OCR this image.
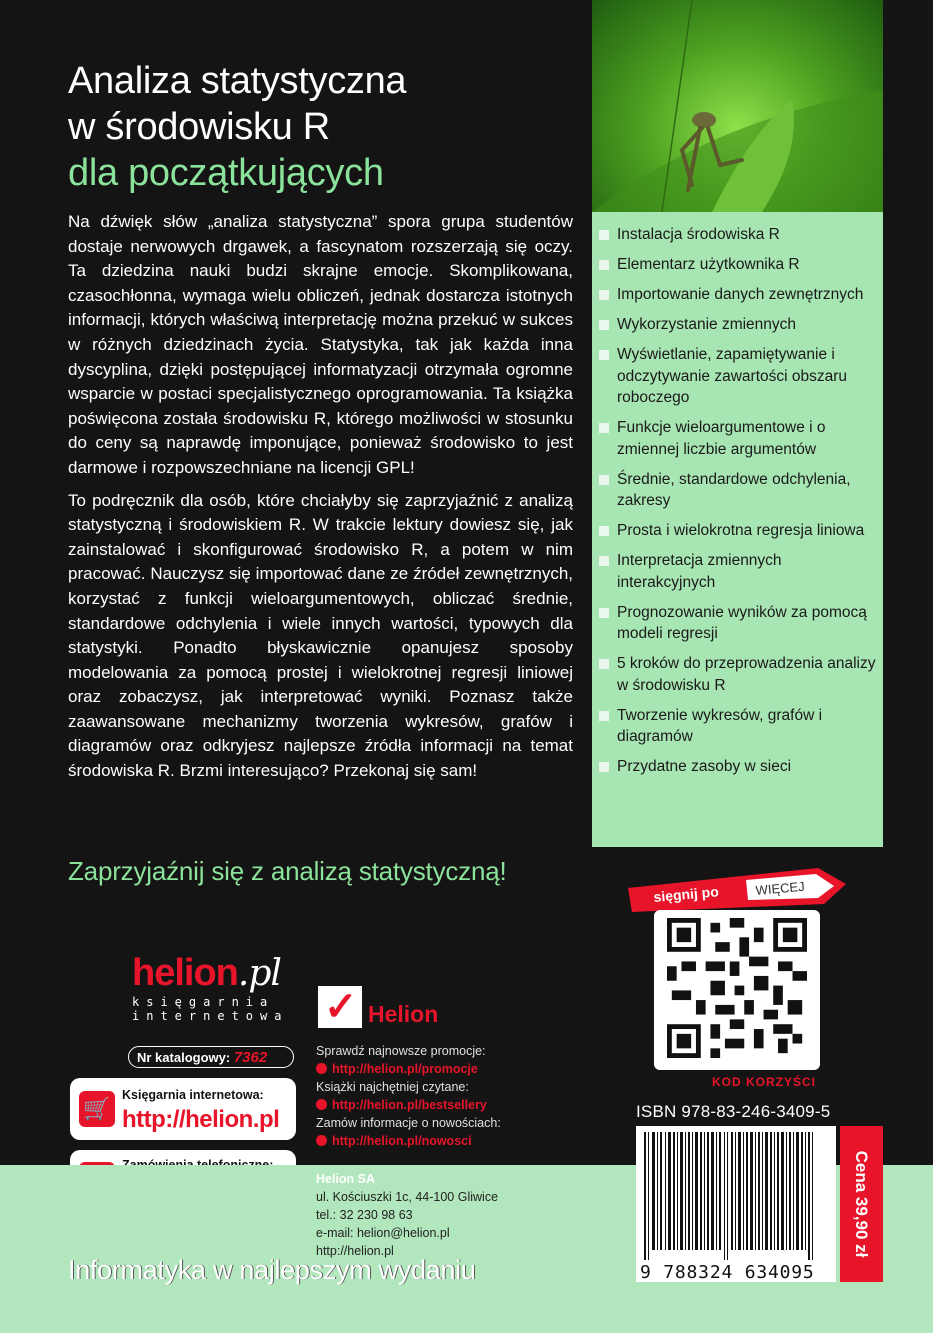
Analiza statystyczna
w środowisku R
dla początkujących

Na dźwięk słów „analiza statystyczna” spora grupa studentów dostaje nerwowych drgawek, a fascynatom rozszerzają się oczy. Ta dziedzina nauki budzi skrajne emocje. Skomplikowana, czasochłonna, wymaga wielu obliczeń, jednak dostarcza istotnych informacji, których właściwą interpretację można przekuć w sukces w różnych dziedzinach życia. Statystyka, tak jak każda inna dyscyplina, dzięki postępującej informatyzacji otrzymała ogromne wsparcie w postaci specjalistycznego oprogramowania. Ta książka poświęcona została środowisku R, którego możliwości w stosunku do ceny są naprawdę imponujące, ponieważ środowisko to jest darmowe i rozpowszechniane na licencji GPL!

To podręcznik dla osób, które chciałyby się zaprzyjaźnić z analizą statystyczną i środowiskiem R. W trakcie lektury dowiesz się, jak zainstalować i skonfigurować środowisko R, a potem w nim pracować. Nauczysz się importować dane ze źródeł zewnętrznych, korzystać z funkcji wieloargumentowych, obliczać średnie, standardowe odchylenia i wiele innych wartości, typowych dla statystyki. Ponadto błyskawicznie opanujesz sposoby modelowania za pomocą prostej i wielokrotnej regresji liniowej oraz zobaczysz, jak interpretować wyniki. Poznasz także zaawansowane mechanizmy tworzenia wykresów, grafów i diagramów oraz odkryjesz najlepsze źródła informacji na temat środowiska R. Brzmi interesująco? Przekonaj się sam!

Zaprzyjaźnij się z analizą statystyczną!
Instalacja środowiska R
Elementarz użytkownika R
Importowanie danych zewnętrznych
Wykorzystanie zmiennych
Wyświetlanie, zapamiętywanie i odczytywanie zawartości obszaru roboczego
Funkcje wieloargumentowe i o zmiennej liczbie argumentów
Średnie, standardowe odchylenia, zakresy
Prosta i wielokrotna regresja liniowa
Interpretacja zmiennych interakcyjnych
Prognozowanie wyników za pomocą modeli regresji
5 kroków do przeprowadzenia analizy w środowisku R
Tworzenie wykresów, grafów i diagramów
Przydatne zasoby w sieci
sięgnij po	WIĘCEJ
KOD KORZYŚCI
helion.pl
księgarnia
internetowa
Nr katalogowy: 7362
🛒
Księgarnia internetowa:
http://helion.pl
✓ Helion
Sprawdź najnowsze promocje:
http://helion.pl/promocje
Książki najchętniej czytane:
http://helion.pl/bestsellery
Zamów informacje o nowościach:
http://helion.pl/nowosci
Helion SA
ul. Kościuszki 1c, 44-100 Gliwice
tel.: 32 230 98 63
e-mail: helion@helion.pl
http://helion.pl
ISBN 978-83-246-3409-5
9 788324 634095
Cena 39,90 zł
Informatyka w najlepszym wydaniu
